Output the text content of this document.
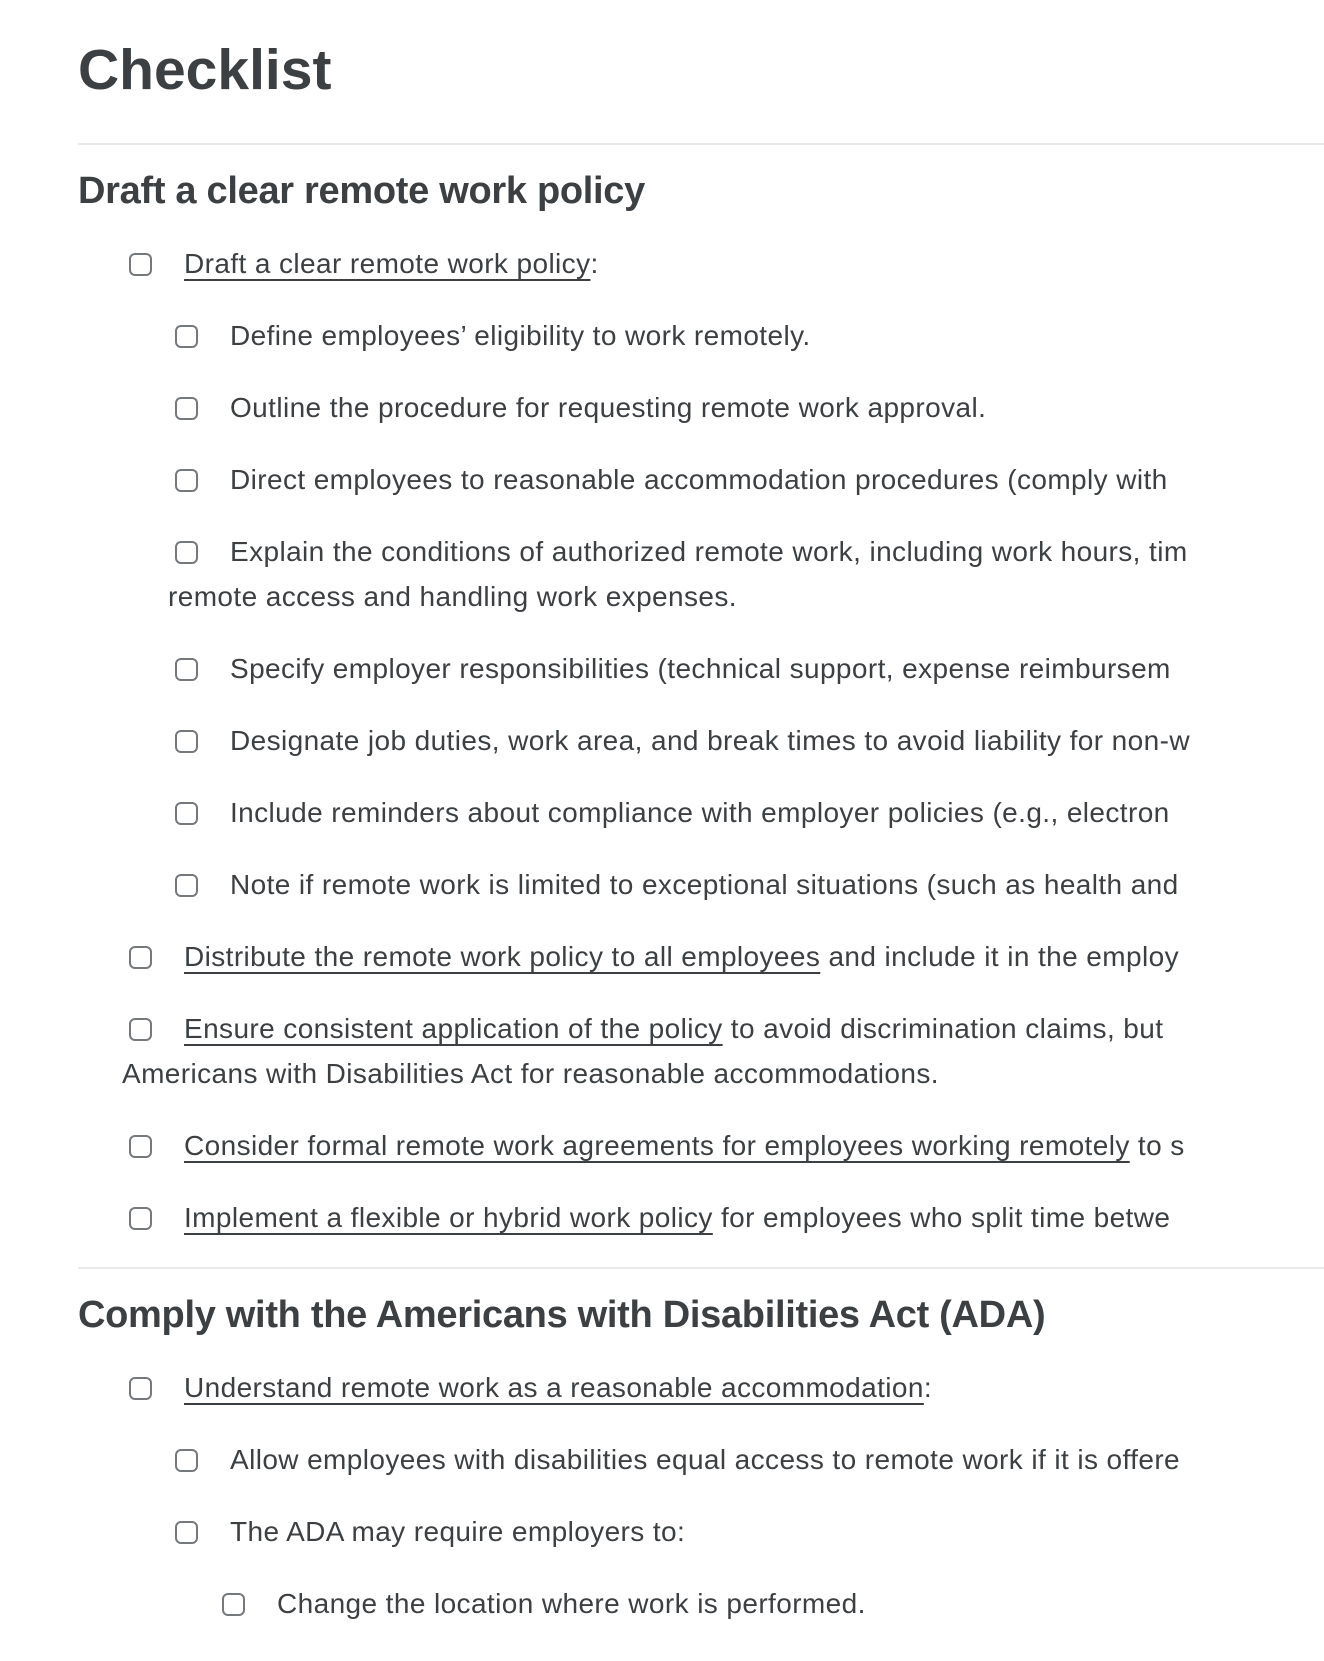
Checklist
Draft a clear remote work policy
Draft a clear remote work policy:
Define employees’ eligibility to work remotely.
Outline the procedure for requesting remote work approval.
Direct employees to reasonable accommodation procedures (comply with
Explain the conditions of authorized remote work, including work hours, tim
remote access and handling work expenses.
Specify employer responsibilities (technical support, expense reimbursem
Designate job duties, work area, and break times to avoid liability for non-w
Include reminders about compliance with employer policies (e.g., electron
Note if remote work is limited to exceptional situations (such as health and
Distribute the remote work policy to all employees and include it in the employ
Ensure consistent application of the policy to avoid discrimination claims, but
Americans with Disabilities Act for reasonable accommodations.
Consider formal remote work agreements for employees working remotely to s
Implement a flexible or hybrid work policy for employees who split time betwe
Comply with the Americans with Disabilities Act (ADA)
Understand remote work as a reasonable accommodation:
Allow employees with disabilities equal access to remote work if it is offere
The ADA may require employers to:
Change the location where work is performed.
